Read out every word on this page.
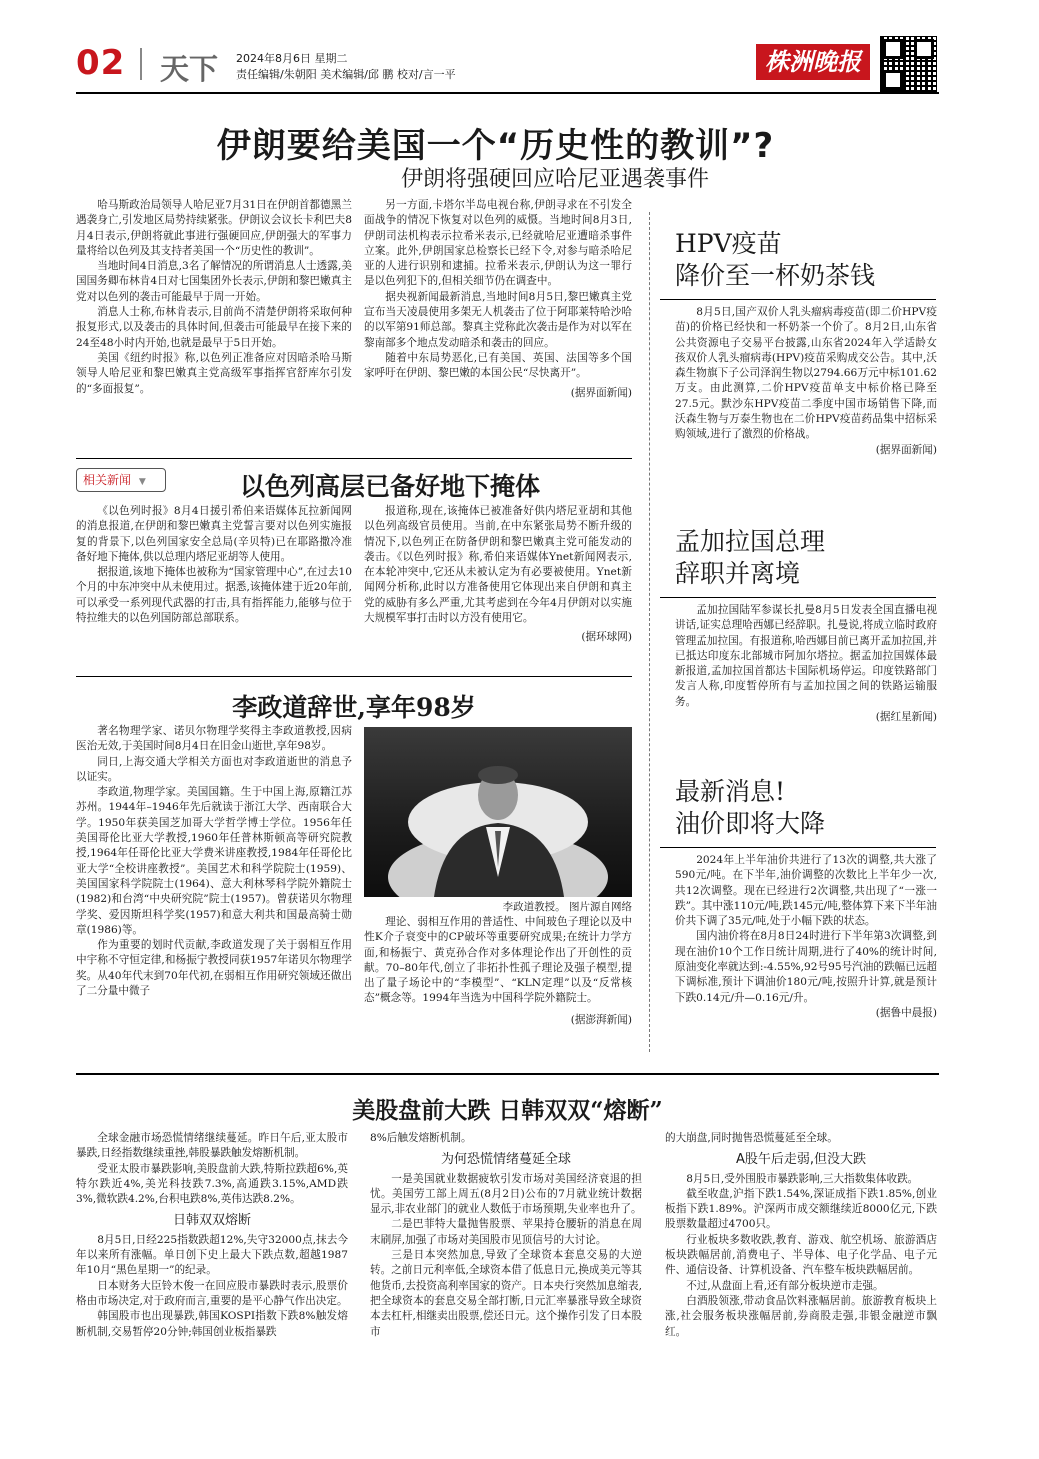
02 天下 2024年8月6日 星期二
责任编辑/朱朝阳 美术编辑/邱 鹏 校对/言一平	株洲晚报
伊朗要给美国一个“历史性的教训”?
伊朗将强硬回应哈尼亚遇袭事件

哈马斯政治局领导人哈尼亚7月31日在伊朗首都德黑兰遇袭身亡,引发地区局势持续紧张。伊朗议会议长卡利巴夫8月4日表示,伊朗将就此事进行强硬回应,伊朗强大的军事力量将给以色列及其支持者美国一个“历史性的教训”。

当地时间4日消息,3名了解情况的所谓消息人士透露,美国国务卿布林肯4日对七国集团外长表示,伊朗和黎巴嫩真主党对以色列的袭击可能最早于周一开始。

消息人士称,布林肯表示,目前尚不清楚伊朗将采取何种报复形式,以及袭击的具体时间,但袭击可能最早在接下来的24至48小时内开始,也就是最早于5日开始。

美国《纽约时报》称,以色列正准备应对因暗杀哈马斯领导人哈尼亚和黎巴嫩真主党高级军事指挥官舒库尔引发的“多面报复”。

另一方面,卡塔尔半岛电视台称,伊朗寻求在不引发全面战争的情况下恢复对以色列的威慑。当地时间8月3日,伊朗司法机构表示拉希米表示,已经就哈尼亚遭暗杀事件立案。此外,伊朗国家总检察长已经下令,对参与暗杀哈尼亚的人进行识别和逮捕。拉希米表示,伊朗认为这一罪行是以色列犯下的,但相关细节仍在调查中。

据央视新闻最新消息,当地时间8月5日,黎巴嫩真主党宣布当天凌晨使用多架无人机袭击了位于阿耶莱特哈沙哈的以军第91师总部。黎真主党称此次袭击是作为对以军在黎南部多个地点发动暗杀和袭击的回应。

随着中东局势恶化,已有美国、英国、法国等多个国家呼吁在伊朗、黎巴嫩的本国公民“尽快离开”。

(据界面新闻)
相关新闻 ▼	以色列高层已备好地下掩体

《以色列时报》8月4日援引希伯来语媒体瓦拉新闻网的消息报道,在伊朗和黎巴嫩真主党誓言要对以色列实施报复的背景下,以色列国家安全总局(辛贝特)已在耶路撒冷准备好地下掩体,供以总理内塔尼亚胡等人使用。

据报道,该地下掩体也被称为“国家管理中心”,在过去10个月的中东冲突中从未使用过。据悉,该掩体建于近20年前,可以承受一系列现代武器的打击,具有指挥能力,能够与位于特拉维夫的以色列国防部总部联系。

报道称,现在,该掩体已被准备好供内塔尼亚胡和其他以色列高级官员使用。当前,在中东紧张局势不断升级的情况下,以色列正在防备伊朗和黎巴嫩真主党可能发动的袭击。《以色列时报》称,希伯来语媒体Ynet新闻网表示,在本轮冲突中,它还从未被认定为有必要被使用。Ynet新闻网分析称,此时以方准备使用它体现出来自伊朗和真主党的威胁有多么严重,尤其考虑到在今年4月伊朗对以实施大规模军事打击时以方没有使用它。

(据环球网)
李政道辞世,享年98岁

著名物理学家、诺贝尔物理学奖得主李政道教授,因病医治无效,于美国时间8月4日在旧金山逝世,享年98岁。

同日,上海交通大学相关方面也对李政道逝世的消息予以证实。

李政道,物理学家。美国国籍。生于中国上海,原籍江苏苏州。1944年–1946年先后就读于浙江大学、西南联合大学。1950年获美国芝加哥大学哲学博士学位。1956年任美国哥伦比亚大学教授,1960年任普林斯顿高等研究院教授,1964年任哥伦比亚大学费米讲座教授,1984年任哥伦比亚大学“全校讲座教授”。美国艺术和科学院院士(1959)、美国国家科学院院士(1964)、意大利林琴科学院外籍院士(1982)和台湾“中央研究院”院士(1957)。曾获诺贝尔物理学奖、爱因斯坦科学奖(1957)和意大利共和国最高骑士勋章(1986)等。

作为重要的划时代贡献,李政道发现了关于弱相互作用中宇称不守恒定律,和杨振宁教授同获1957年诺贝尔物理学奖。从40年代末到70年代初,在弱相互作用研究领域还做出了二分量中微子

李政道教授。 图片源自网络

理论、弱相互作用的普适性、中间玻色子理论以及中性K介子衰变中的CP破坏等重要研究成果;在统计力学方面,和杨振宁、黄克孙合作对多体理论作出了开创性的贡献。70–80年代,创立了非拓扑性孤子理论及强子模型,提出了量子场论中的“李模型”、“KLN定理”以及“反常核态”概念等。1994年当选为中国科学院外籍院士。

(据澎湃新闻)
HPV疫苗
降价至一杯奶茶钱

8月5日,国产双价人乳头瘤病毒疫苗(即二价HPV疫苗)的价格已经快和一杯奶茶一个价了。8月2日,山东省公共资源电子交易平台披露,山东省2024年入学适龄女孩双价人乳头瘤病毒(HPV)疫苗采购成交公告。其中,沃森生物旗下子公司泽润生物以2794.66万元中标101.62万支。由此测算,二价HPV疫苗单支中标价格已降至27.5元。默沙东HPV疫苗二季度中国市场销售下降,而沃森生物与万泰生物也在二价HPV疫苗药品集中招标采购领域,进行了激烈的价格战。

(据界面新闻)
孟加拉国总理
辞职并离境

孟加拉国陆军参谋长扎曼8月5日发表全国直播电视讲话,证实总理哈西娜已经辞职。扎曼说,将成立临时政府管理孟加拉国。有报道称,哈西娜目前已离开孟加拉国,并已抵达印度东北部城市阿加尔塔拉。据孟加拉国媒体最新报道,孟加拉国首都达卡国际机场停运。印度铁路部门发言人称,印度暂停所有与孟加拉国之间的铁路运输服务。

(据红星新闻)
最新消息!
油价即将大降

2024年上半年油价共进行了13次的调整,共大涨了590元/吨。在下半年,油价调整的次数比上半年少一次,共12次调整。现在已经进行2次调整,共出现了“一涨一跌”。其中涨110元/吨,跌145元/吨,整体算下来下半年油价共下调了35元/吨,处于小幅下跌的状态。

国内油价将在8月8日24时进行下半年第3次调整,到现在油价10个工作日统计周期,进行了40%的统计时间,原油变化率就达到:-4.55%,92号95号汽油的跌幅已远超下调标准,预计下调油价180元/吨,按照升计算,就是预计下跌0.14元/升—0.16元/升。

(据鲁中晨报)
美股盘前大跌 日韩双双“熔断”

全球金融市场恐慌情绪继续蔓延。昨日午后,亚太股市暴跌,日经指数继续重挫,韩股暴跌触发熔断机制。

受亚太股市暴跌影响,美股盘前大跌,特斯拉跌超6%,英特尔跌近4%,美光科技跌7.3%,高通跌3.15%,AMD跌3%,微软跌4.2%,台积电跌8%,英伟达跌8.2%。

日韩双双熔断

8月5日,日经225指数跌超12%,失守32000点,抹去今年以来所有涨幅。单日创下史上最大下跌点数,超越1987年10月“黑色星期一”的纪录。

日本财务大臣铃木俊一在回应股市暴跌时表示,股票价格由市场决定,对于政府而言,重要的是平心静气作出决定。

韩国股市也出现暴跌,韩国KOSPI指数下跌8%触发熔断机制,交易暂停20分钟;韩国创业板指暴跌

8%后触发熔断机制。

为何恐慌情绪蔓延全球

一是美国就业数据疲软引发市场对美国经济衰退的担忧。美国劳工部上周五(8月2日)公布的7月就业统计数据显示,非农业部门的就业人数低于市场预期,失业率也升了。

二是巴菲特大量抛售股票、苹果持仓腰斩的消息在周末刷屏,加强了市场对美国股市见顶信号的大讨论。

三是日本突然加息,导致了全球资本套息交易的大逆转。之前日元利率低,全球资本借了低息日元,换成美元等其他货币,去投资高利率国家的资产。日本央行突然加息缩表,把全球资本的套息交易全部打断,日元汇率暴涨导致全球资本去杠杆,相继卖出股票,偿还日元。这个操作引发了日本股市

的大崩盘,同时抛售恐慌蔓延至全球。

A股午后走弱,但没大跌

8月5日,受外围股市暴跌影响,三大指数集体收跌。

截至收盘,沪指下跌1.54%,深证成指下跌1.85%,创业板指下跌1.89%。沪深两市成交额继续近8000亿元,下跌股票数量超过4700只。

行业板块多数收跌,教育、游戏、航空机场、旅游酒店板块跌幅居前,消费电子、半导体、电子化学品、电子元件、通信设备、计算机设备、汽车整车板块跌幅居前。

不过,从盘面上看,还有部分板块逆市走强。

白酒股领涨,带动食品饮料涨幅居前。旅游教育板块上涨,社会服务板块涨幅居前,券商股走强,非银金融逆市飘红。
